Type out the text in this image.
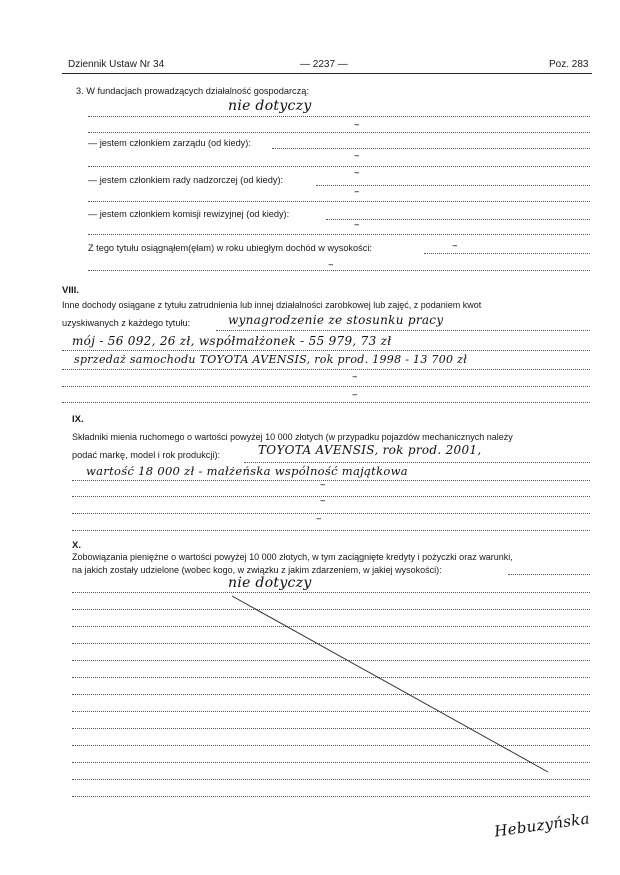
Dziennik Ustaw Nr 34	— 2237 —	Poz. 283
3. W fundacjach prowadzących działalność gospodarczą:
nie dotyczy
–
— jestem członkiem zarządu (od kiedy):
–
— jestem członkiem rady nadzorczej (od kiedy):
–
–
— jestem członkiem komisji rewizyjnej (od kiedy):
–
Z tego tytułu osiągnąłem(ęłam) w roku ubiegłym dochód w wysokości:	–
–
VIII.
Inne dochody osiągane z tytułu zatrudnienia lub innej działalności zarobkowej lub zajęć, z podaniem kwot
uzyskiwanych z każdego tytułu:	wynagrodzenie ze stosunku pracy
mój - 56 092, 26 zł, współmałżonek - 55 979, 73 zł
sprzedaż samochodu TOYOTA AVENSIS, rok prod. 1998 - 13 700 zł
–
–
IX.
Składniki mienia ruchomego o wartości powyżej 10 000 złotych (w przypadku pojazdów mechanicznych należy
podać markę, model i rok produkcji):	TOYOTA AVENSIS, rok prod. 2001,
wartość 18 000 zł - małżeńska wspólność majątkowa
–
–
–
X.
Zobowiązania pieniężne o wartości powyżej 10 000 złotych, w tym zaciągnięte kredyty i pożyczki oraz warunki,
na jakich zostały udzielone (wobec kogo, w związku z jakim zdarzeniem, w jakiej wysokości):
nie dotyczy
Hebuzyńska
